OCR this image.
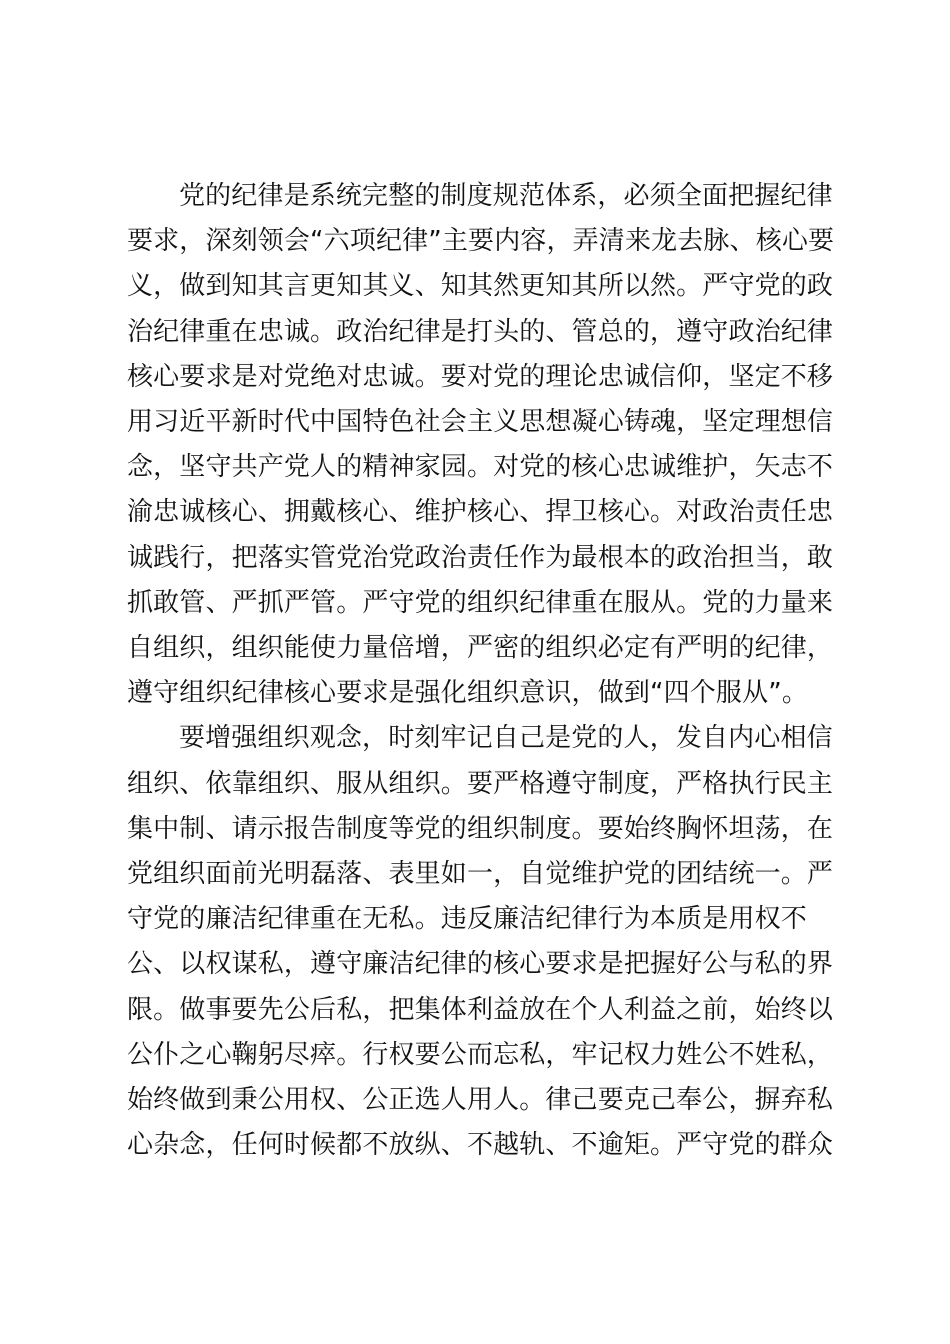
党的纪律是系统完整的制度规范体系，必须全面把握纪律
要求，深刻领会“六项纪律”主要内容，弄清来龙去脉、核心要
义，做到知其言更知其义、知其然更知其所以然。严守党的政
治纪律重在忠诚。政治纪律是打头的、管总的，遵守政治纪律
核心要求是对党绝对忠诚。要对党的理论忠诚信仰，坚定不移
用习近平新时代中国特色社会主义思想凝心铸魂，坚定理想信
念，坚守共产党人的精神家园。对党的核心忠诚维护，矢志不
渝忠诚核心、拥戴核心、维护核心、捍卫核心。对政治责任忠
诚践行，把落实管党治党政治责任作为最根本的政治担当，敢
抓敢管、严抓严管。严守党的组织纪律重在服从。党的力量来
自组织，组织能使力量倍增，严密的组织必定有严明的纪律，
遵守组织纪律核心要求是强化组织意识，做到“四个服从”。

要增强组织观念，时刻牢记自己是党的人，发自内心相信
组织、依靠组织、服从组织。要严格遵守制度，严格执行民主
集中制、请示报告制度等党的组织制度。要始终胸怀坦荡，在
党组织面前光明磊落、表里如一，自觉维护党的团结统一。严
守党的廉洁纪律重在无私。违反廉洁纪律行为本质是用权不
公、以权谋私，遵守廉洁纪律的核心要求是把握好公与私的界
限。做事要先公后私，把集体利益放在个人利益之前，始终以
公仆之心鞠躬尽瘁。行权要公而忘私，牢记权力姓公不姓私，
始终做到秉公用权、公正选人用人。律己要克己奉公，摒弃私
心杂念，任何时候都不放纵、不越轨、不逾矩。严守党的群众
